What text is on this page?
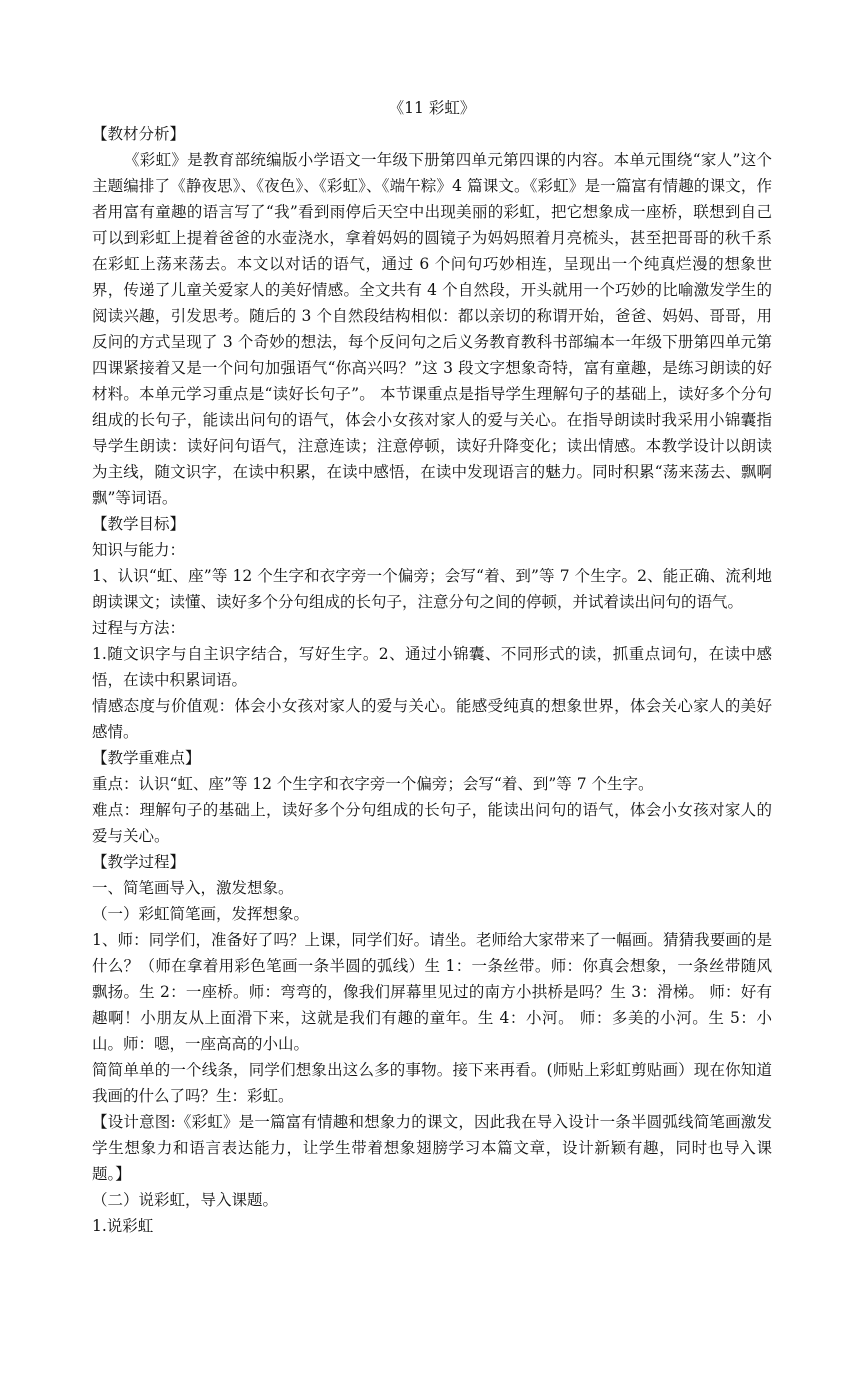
《11 彩虹》
【教材分析】

《彩虹》是教育部统编版小学语文一年级下册第四单元第四课的内容。本单元围绕“家人”这个主题编排了《静夜思》、《夜色》、《彩虹》、《端午粽》4 篇课文。《彩虹》是一篇富有情趣的课文，作者用富有童趣的语言写了“我”看到雨停后天空中出现美丽的彩虹，把它想象成一座桥，联想到自己可以到彩虹上提着爸爸的水壶浇水，拿着妈妈的圆镜子为妈妈照着月亮梳头，甚至把哥哥的秋千系在彩虹上荡来荡去。本文以对话的语气，通过 6 个问句巧妙相连，呈现出一个纯真烂漫的想象世界，传递了儿童关爱家人的美好情感。全文共有 4 个自然段，开头就用一个巧妙的比喻激发学生的阅读兴趣，引发思考。随后的 3 个自然段结构相似：都以亲切的称谓开始，爸爸、妈妈、哥哥，用反问的方式呈现了 3 个奇妙的想法，每个反问句之后义务教育教科书部编本一年级下册第四单元第四课紧接着又是一个问句加强语气“你高兴吗？”这 3 段文字想象奇特，富有童趣，是练习朗读的好材料。本单元学习重点是“读好长句子”。 本节课重点是指导学生理解句子的基础上，读好多个分句组成的长句子，能读出问句的语气，体会小女孩对家人的爱与关心。在指导朗读时我采用小锦囊指导学生朗读：读好问句语气，注意连读；注意停顿，读好升降变化；读出情感。本教学设计以朗读为主线，随文识字，在读中积累，在读中感悟，在读中发现语言的魅力。同时积累“荡来荡去、飘啊飘”等词语。

【教学目标】

知识与能力：

1、认识“虹、座”等 12 个生字和衣字旁一个偏旁；会写“着、到”等 7 个生字。2、能正确、流利地朗读课文；读懂、读好多个分句组成的长句子，注意分句之间的停顿，并试着读出问句的语气。

过程与方法：

1.随文识字与自主识字结合，写好生字。2、通过小锦囊、不同形式的读，抓重点词句，在读中感悟，在读中积累词语。

情感态度与价值观：体会小女孩对家人的爱与关心。能感受纯真的想象世界，体会关心家人的美好感情。

【教学重难点】

重点：认识“虹、座”等 12 个生字和衣字旁一个偏旁；会写“着、到”等 7 个生字。

难点：理解句子的基础上，读好多个分句组成的长句子，能读出问句的语气，体会小女孩对家人的爱与关心。

【教学过程】

一、简笔画导入，激发想象。

（一）彩虹简笔画，发挥想象。

1、师：同学们，准备好了吗？上课，同学们好。请坐。老师给大家带来了一幅画。猜猜我要画的是什么？（师在拿着用彩色笔画一条半圆的弧线）生 1：一条丝带。师：你真会想象，一条丝带随风飘扬。生 2：一座桥。师：弯弯的，像我们屏幕里见过的南方小拱桥是吗？生 3：滑梯。 师：好有趣啊！小朋友从上面滑下来，这就是我们有趣的童年。生 4：小河。 师：多美的小河。生 5：小山。师：嗯，一座高高的小山。

简简单单的一个线条，同学们想象出这么多的事物。接下来再看。(师贴上彩虹剪贴画）现在你知道我画的什么了吗？生：彩虹。

【设计意图:《彩虹》是一篇富有情趣和想象力的课文，因此我在导入设计一条半圆弧线简笔画激发学生想象力和语言表达能力，让学生带着想象翅膀学习本篇文章，设计新颖有趣，同时也导入课题。】

（二）说彩虹，导入课题。

1.说彩虹
